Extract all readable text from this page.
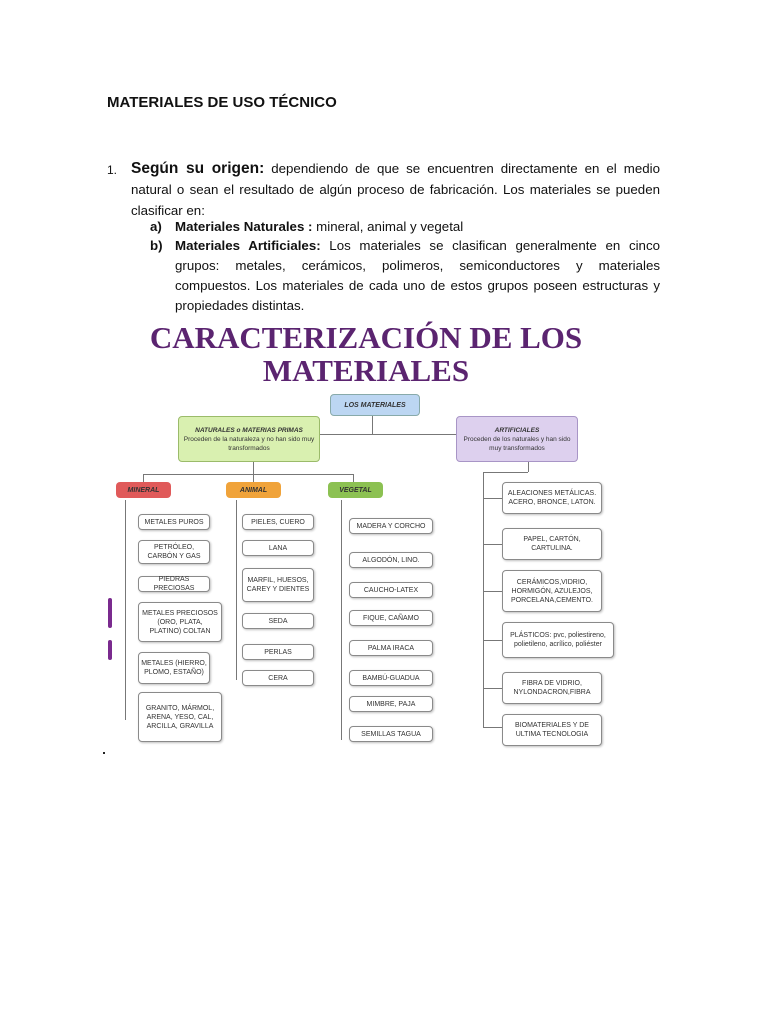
MATERIALES DE USO TÉCNICO
1. Según su origen: dependiendo de que se encuentren directamente en el medio natural o sean el resultado de algún proceso de fabricación. Los materiales se pueden clasificar en:
a) Materiales Naturales : mineral, animal y vegetal
b) Materiales Artificiales: Los materiales se clasifican generalmente en cinco grupos: metales, cerámicos, polimeros, semiconductores y materiales compuestos. Los materiales de cada uno de estos grupos poseen estructuras y propiedades distintas.
CARACTERIZACIÓN DE LOS
MATERIALES
LOS MATERIALES
NATURALES o MATERIAS PRIMAS
Proceden de la naturaleza y no han sido muy transformados
ARTIFICIALES
Proceden de los naturales y han sido muy transformados
MINERAL	ANIMAL	VEGETAL
METALES PUROS
PETRÓLEO, CARBÓN Y GAS
PIEDRAS PRECIOSAS
METALES PRECIOSOS (ORO, PLATA, PLATINO) COLTAN
METALES (HIERRO, PLOMO, ESTAÑO)
GRANITO, MÁRMOL, ARENA, YESO, CAL, ARCILLA, GRAVILLA
PIELES, CUERO
LANA
MARFIL, HUESOS, CAREY Y DIENTES
SEDA
PERLAS
CERA
MADERA Y CORCHO
ALGODÓN, LINO.
CAUCHO-LATEX
FIQUE, CAÑAMO
PALMA IRACA
BAMBÚ-GUADUA
MIMBRE, PAJA
SEMILLAS TAGUA
ALEACIONES METÁLICAS. ACERO, BRONCE, LATON.
PAPEL, CARTÓN, CARTULINA.
CERÁMICOS,VIDRIO, HORMIGÓN, AZULEJOS, PORCELANA,CEMENTO.
PLÁSTICOS: pvc, poliestireno, polietileno, acrílico, poliéster
FIBRA DE VIDRIO, NYLONDACRON,FIBRA
BIOMATERIALES Y DE ULTIMA TECNOLOGIA
